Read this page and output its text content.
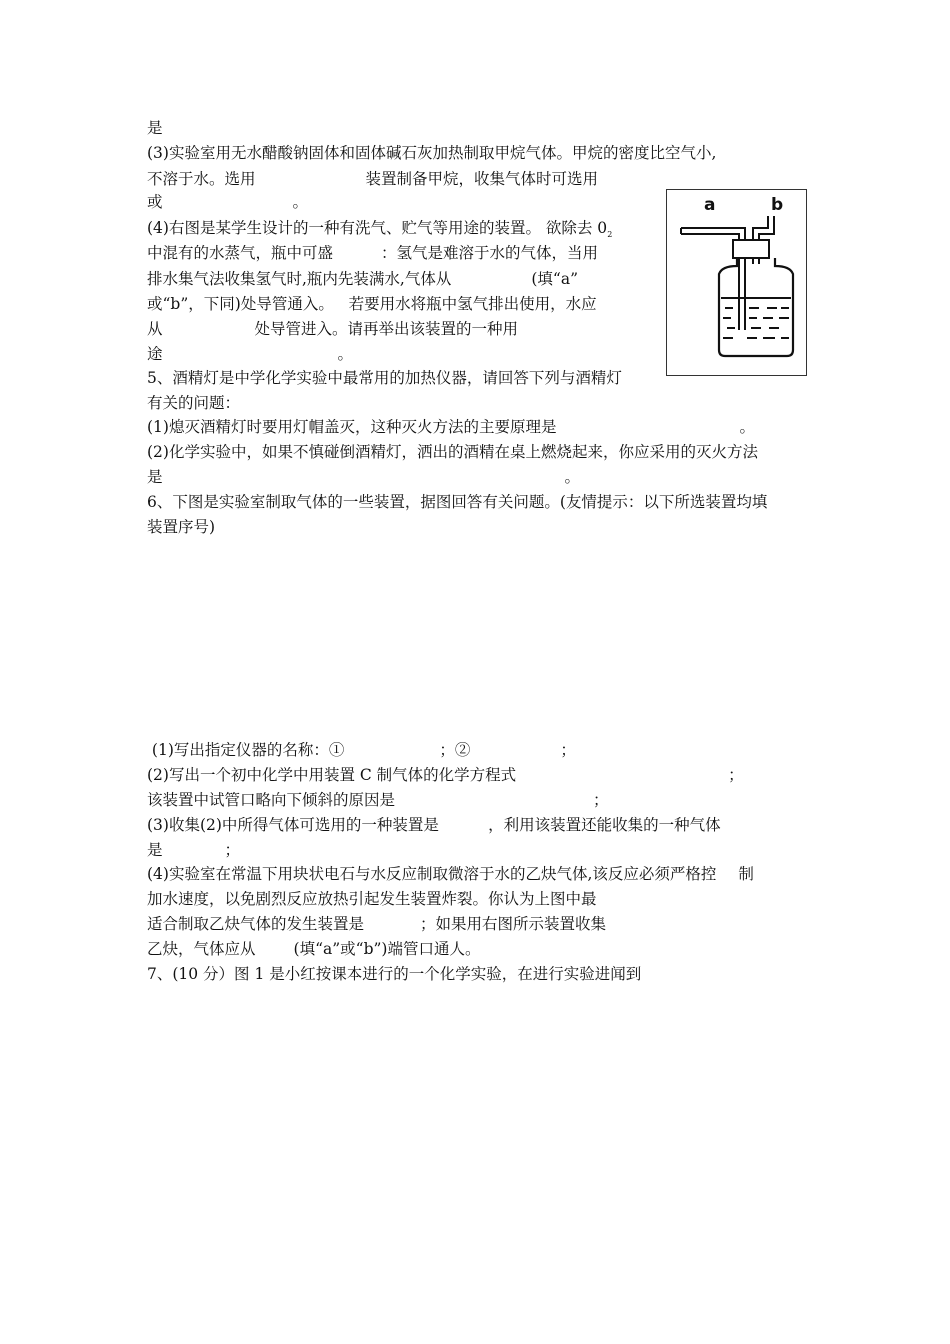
是
(3)实验室用无水醋酸钠固体和固体碱石灰加热制取甲烷气体。甲烷的密度比空气小,
不溶于水。选用	装置制备甲烷，收集气体时可选用
或	。
(4)右图是某学生设计的一种有洗气、贮气等用途的装置。 欲除去 $0_2$
中混有的水蒸气，瓶中可盛	：氢气是难溶于水的气体，当用
排水集气法收集氢气时,瓶内先装满水,气体从	(填“a”
或“b”，下同)处导管通入。   若要用水将瓶中氢气排出使用，水应
从	处导管进入。请再举出该装置的一种用
途	。
5、酒精灯是中学化学实验中最常用的加热仪器，请回答下列与酒精灯
有关的问题：
(1)熄灭酒精灯时要用灯帽盖灭，这种灭火方法的主要原理是	。
(2)化学实验中，如果不慎碰倒酒精灯，洒出的酒精在桌上燃烧起来，你应采用的灭火方法
是	。
6、下图是实验室制取气体的一些装置，据图回答有关问题。(友情提示：以下所选装置均填
装置序号)
(1)写出指定仪器的名称：①	；②	；
(2)写出一个初中化学中用装置 C 制气体的化学方程式	；
该装置中试管口略向下倾斜的原因是	；
(3)收集(2)中所得气体可选用的一种装置是          ，利用该装置还能收集的一种气体
是	；
(4)实验室在常温下用块状电石与水反应制取微溶于水的乙炔气体,该反应必须严格控 制
加水速度，以免剧烈反应放热引起发生装置炸裂。你认为上图中最
适合制取乙炔气体的发生装置是	；如果用右图所示装置收集
乙炔，气体应从 (填“a”或“b”)端管口通人。
7、(10 分）图 1 是小红按课本进行的一个化学实验，在进行实验进闻到
a	b
